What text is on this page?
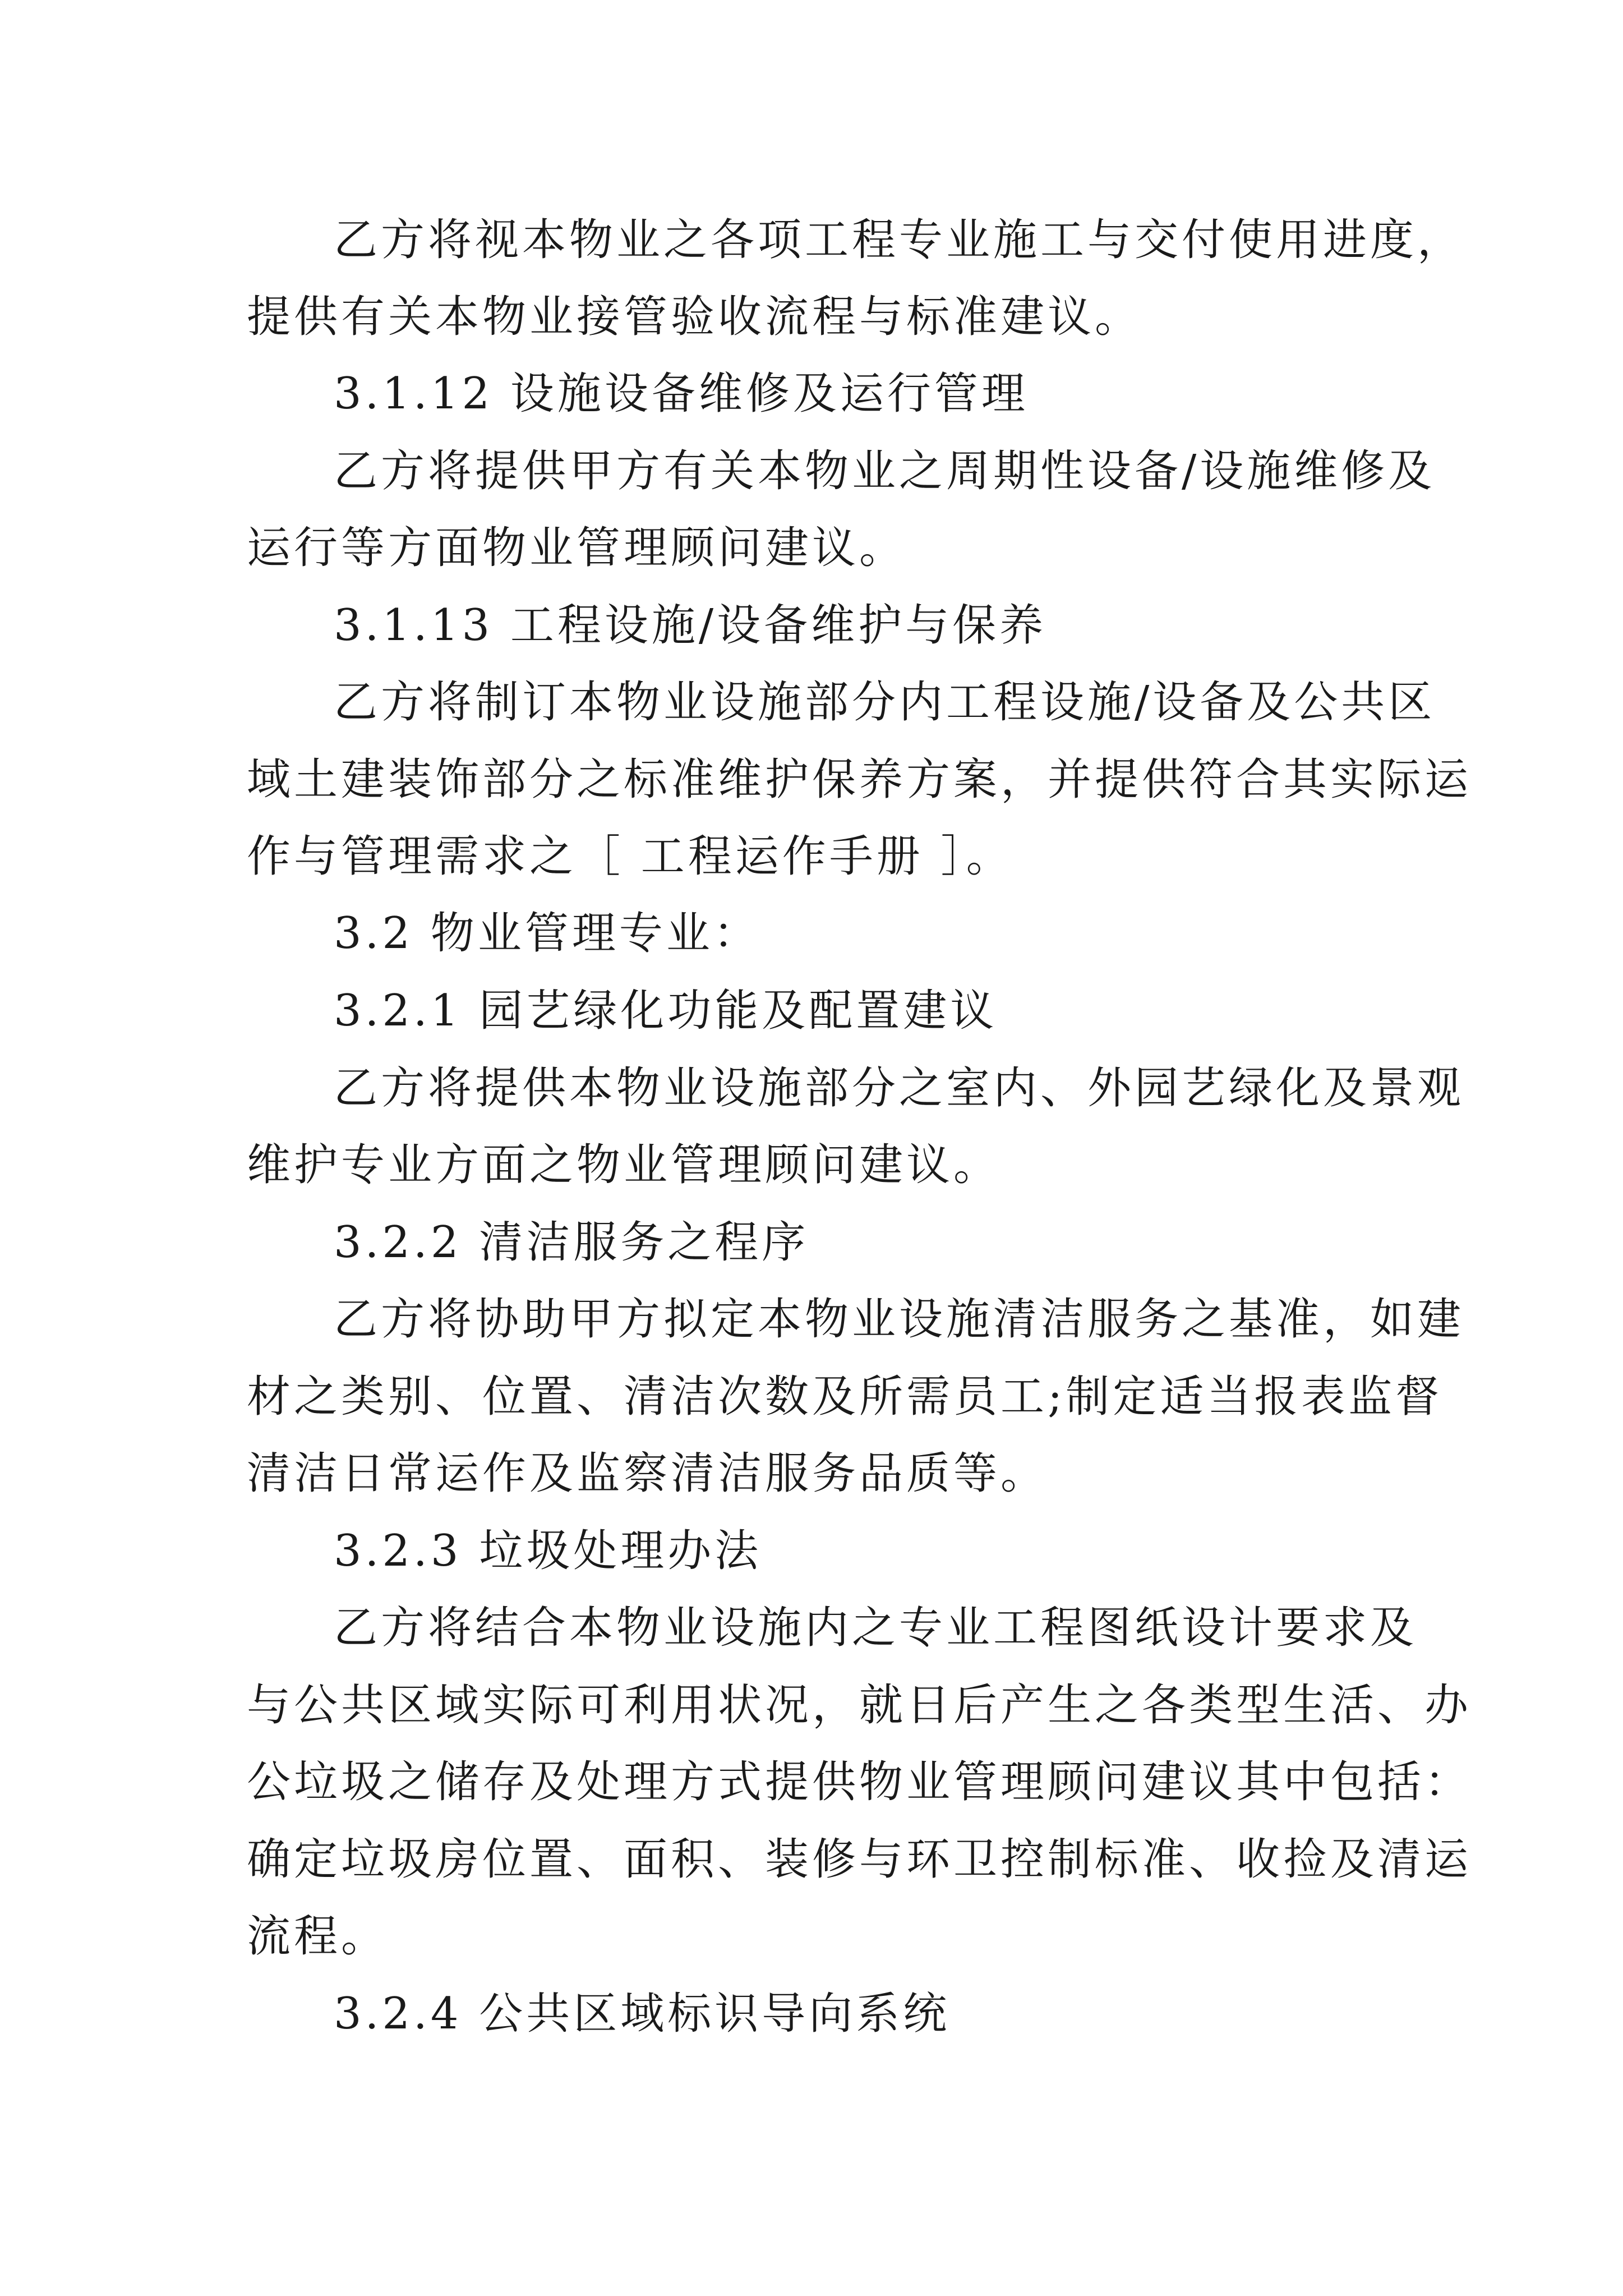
乙方将视本物业之各项工程专业施工与交付使用进度，
提供有关本物业接管验收流程与标准建议。
3.1.12 设施设备维修及运行管理
乙方将提供甲方有关本物业之周期性设备/设施维修及
运行等方面物业管理顾问建议。
3.1.13 工程设施/设备维护与保养
乙方将制订本物业设施部分内工程设施/设备及公共区
域土建装饰部分之标准维护保养方案，并提供符合其实际运
作与管理需求之［ 工程运作手册 ］。
3.2 物业管理专业：
3.2.1 园艺绿化功能及配置建议
乙方将提供本物业设施部分之室内、外园艺绿化及景观
维护专业方面之物业管理顾问建议。
3.2.2 清洁服务之程序
乙方将协助甲方拟定本物业设施清洁服务之基准，如建
材之类别、位置、清洁次数及所需员工;制定适当报表监督
清洁日常运作及监察清洁服务品质等。
3.2.3 垃圾处理办法
乙方将结合本物业设施内之专业工程图纸设计要求及
与公共区域实际可利用状况，就日后产生之各类型生活、办
公垃圾之储存及处理方式提供物业管理顾问建议其中包括：
确定垃圾房位置、面积、装修与环卫控制标准、收捡及清运
流程。
3.2.4 公共区域标识导向系统
